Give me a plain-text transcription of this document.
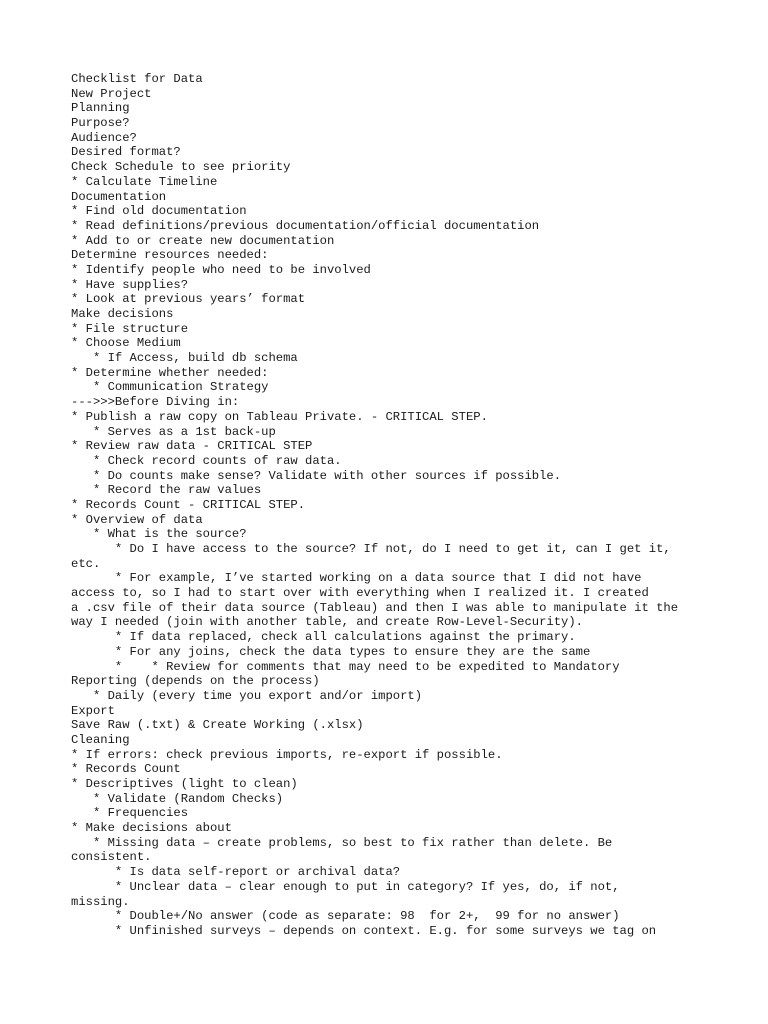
Checklist for Data
New Project
Planning
Purpose?
Audience?
Desired format?
Check Schedule to see priority
* Calculate Timeline
Documentation
* Find old documentation
* Read definitions/previous documentation/official documentation
* Add to or create new documentation
Determine resources needed:
* Identify people who need to be involved
* Have supplies?
* Look at previous years’ format
Make decisions
* File structure
* Choose Medium
* If Access, build db schema
* Determine whether needed:
* Communication Strategy
--->>>Before Diving in:
* Publish a raw copy on Tableau Private. - CRITICAL STEP.
* Serves as a 1st back-up
* Review raw data - CRITICAL STEP
* Check record counts of raw data.
* Do counts make sense? Validate with other sources if possible.
* Record the raw values
* Records Count - CRITICAL STEP.
* Overview of data
* What is the source?
* Do I have access to the source? If not, do I need to get it, can I get it,
etc.
* For example, I’ve started working on a data source that I did not have
access to, so I had to start over with everything when I realized it. I created
a .csv file of their data source (Tableau) and then I was able to manipulate it the
way I needed (join with another table, and create Row-Level-Security).
* If data replaced, check all calculations against the primary.
* For any joins, check the data types to ensure they are the same
*    * Review for comments that may need to be expedited to Mandatory
Reporting (depends on the process)
* Daily (every time you export and/or import)
Export
Save Raw (.txt) & Create Working (.xlsx)
Cleaning
* If errors: check previous imports, re-export if possible.
* Records Count
* Descriptives (light to clean)
* Validate (Random Checks)
* Frequencies
* Make decisions about
* Missing data – create problems, so best to fix rather than delete. Be
consistent.
* Is data self-report or archival data?
* Unclear data – clear enough to put in category? If yes, do, if not,
missing.
* Double+/No answer (code as separate: 98  for 2+,  99 for no answer)
* Unfinished surveys – depends on context. E.g. for some surveys we tag on
